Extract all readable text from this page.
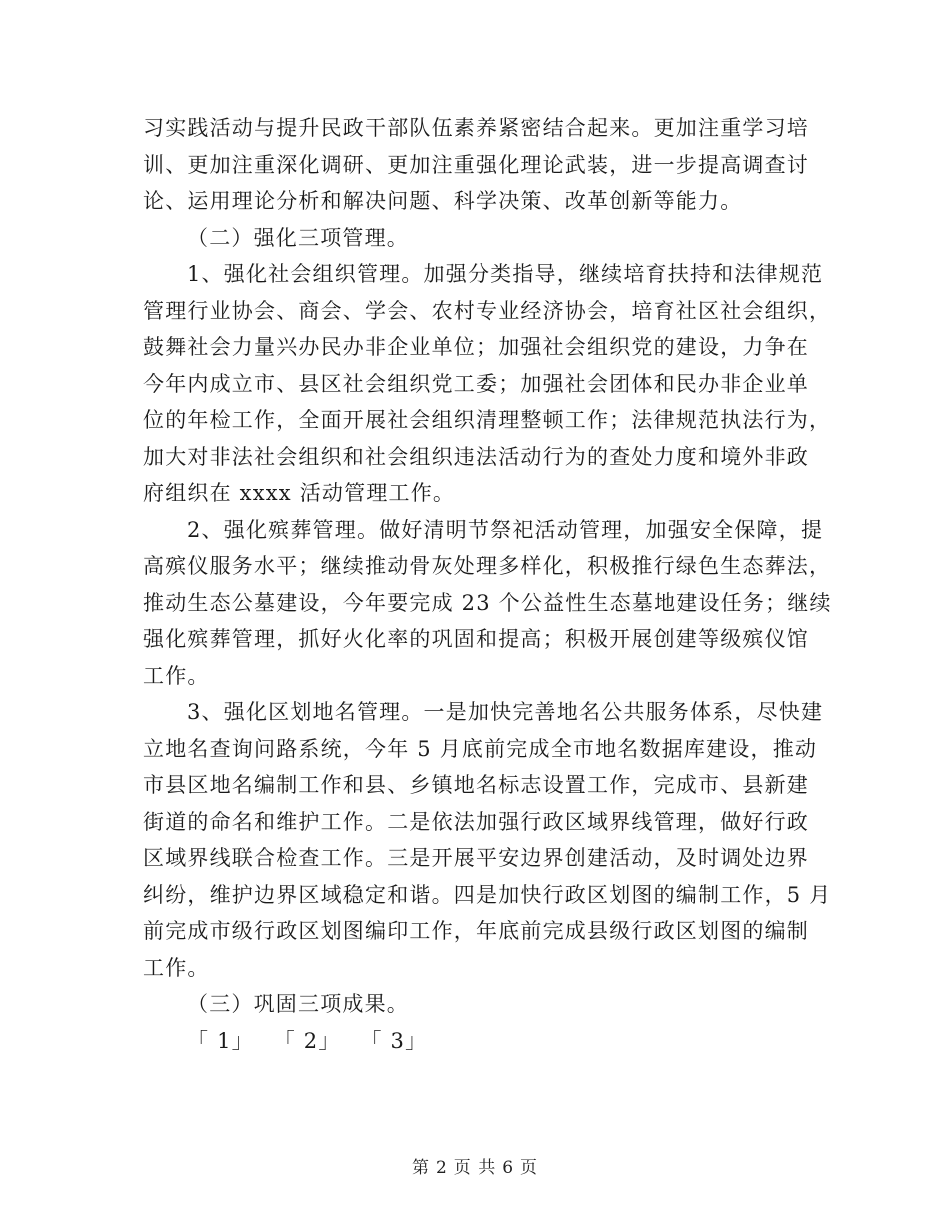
习实践活动与提升民政干部队伍素养紧密结合起来。更加注重学习培
训、更加注重深化调研、更加注重强化理论武装，进一步提高调查讨
论、运用理论分析和解决问题、科学决策、改革创新等能力。
（二）强化三项管理。
1、强化社会组织管理。加强分类指导，继续培育扶持和法律规范
管理行业协会、商会、学会、农村专业经济协会，培育社区社会组织，
鼓舞社会力量兴办民办非企业单位；加强社会组织党的建设，力争在
今年内成立市、县区社会组织党工委；加强社会团体和民办非企业单
位的年检工作，全面开展社会组织清理整顿工作；法律规范执法行为，
加大对非法社会组织和社会组织违法活动行为的查处力度和境外非政
府组织在 xxxx 活动管理工作。
2、强化殡葬管理。做好清明节祭祀活动管理，加强安全保障，提
高殡仪服务水平；继续推动骨灰处理多样化，积极推行绿色生态葬法，
推动生态公墓建设，今年要完成 23 个公益性生态墓地建设任务；继续
强化殡葬管理，抓好火化率的巩固和提高；积极开展创建等级殡仪馆
工作。
3、强化区划地名管理。一是加快完善地名公共服务体系，尽快建
立地名查询问路系统，今年 5 月底前完成全市地名数据库建设，推动
市县区地名编制工作和县、乡镇地名标志设置工作，完成市、县新建
街道的命名和维护工作。二是依法加强行政区域界线管理，做好行政
区域界线联合检查工作。三是开展平安边界创建活动，及时调处边界
纠纷，维护边界区域稳定和谐。四是加快行政区划图的编制工作，5 月
前完成市级行政区划图编印工作，年底前完成县级行政区划图的编制
工作。
（三）巩固三项成果。
「 1」 「 2」 「 3」
第 2 页 共 6 页
